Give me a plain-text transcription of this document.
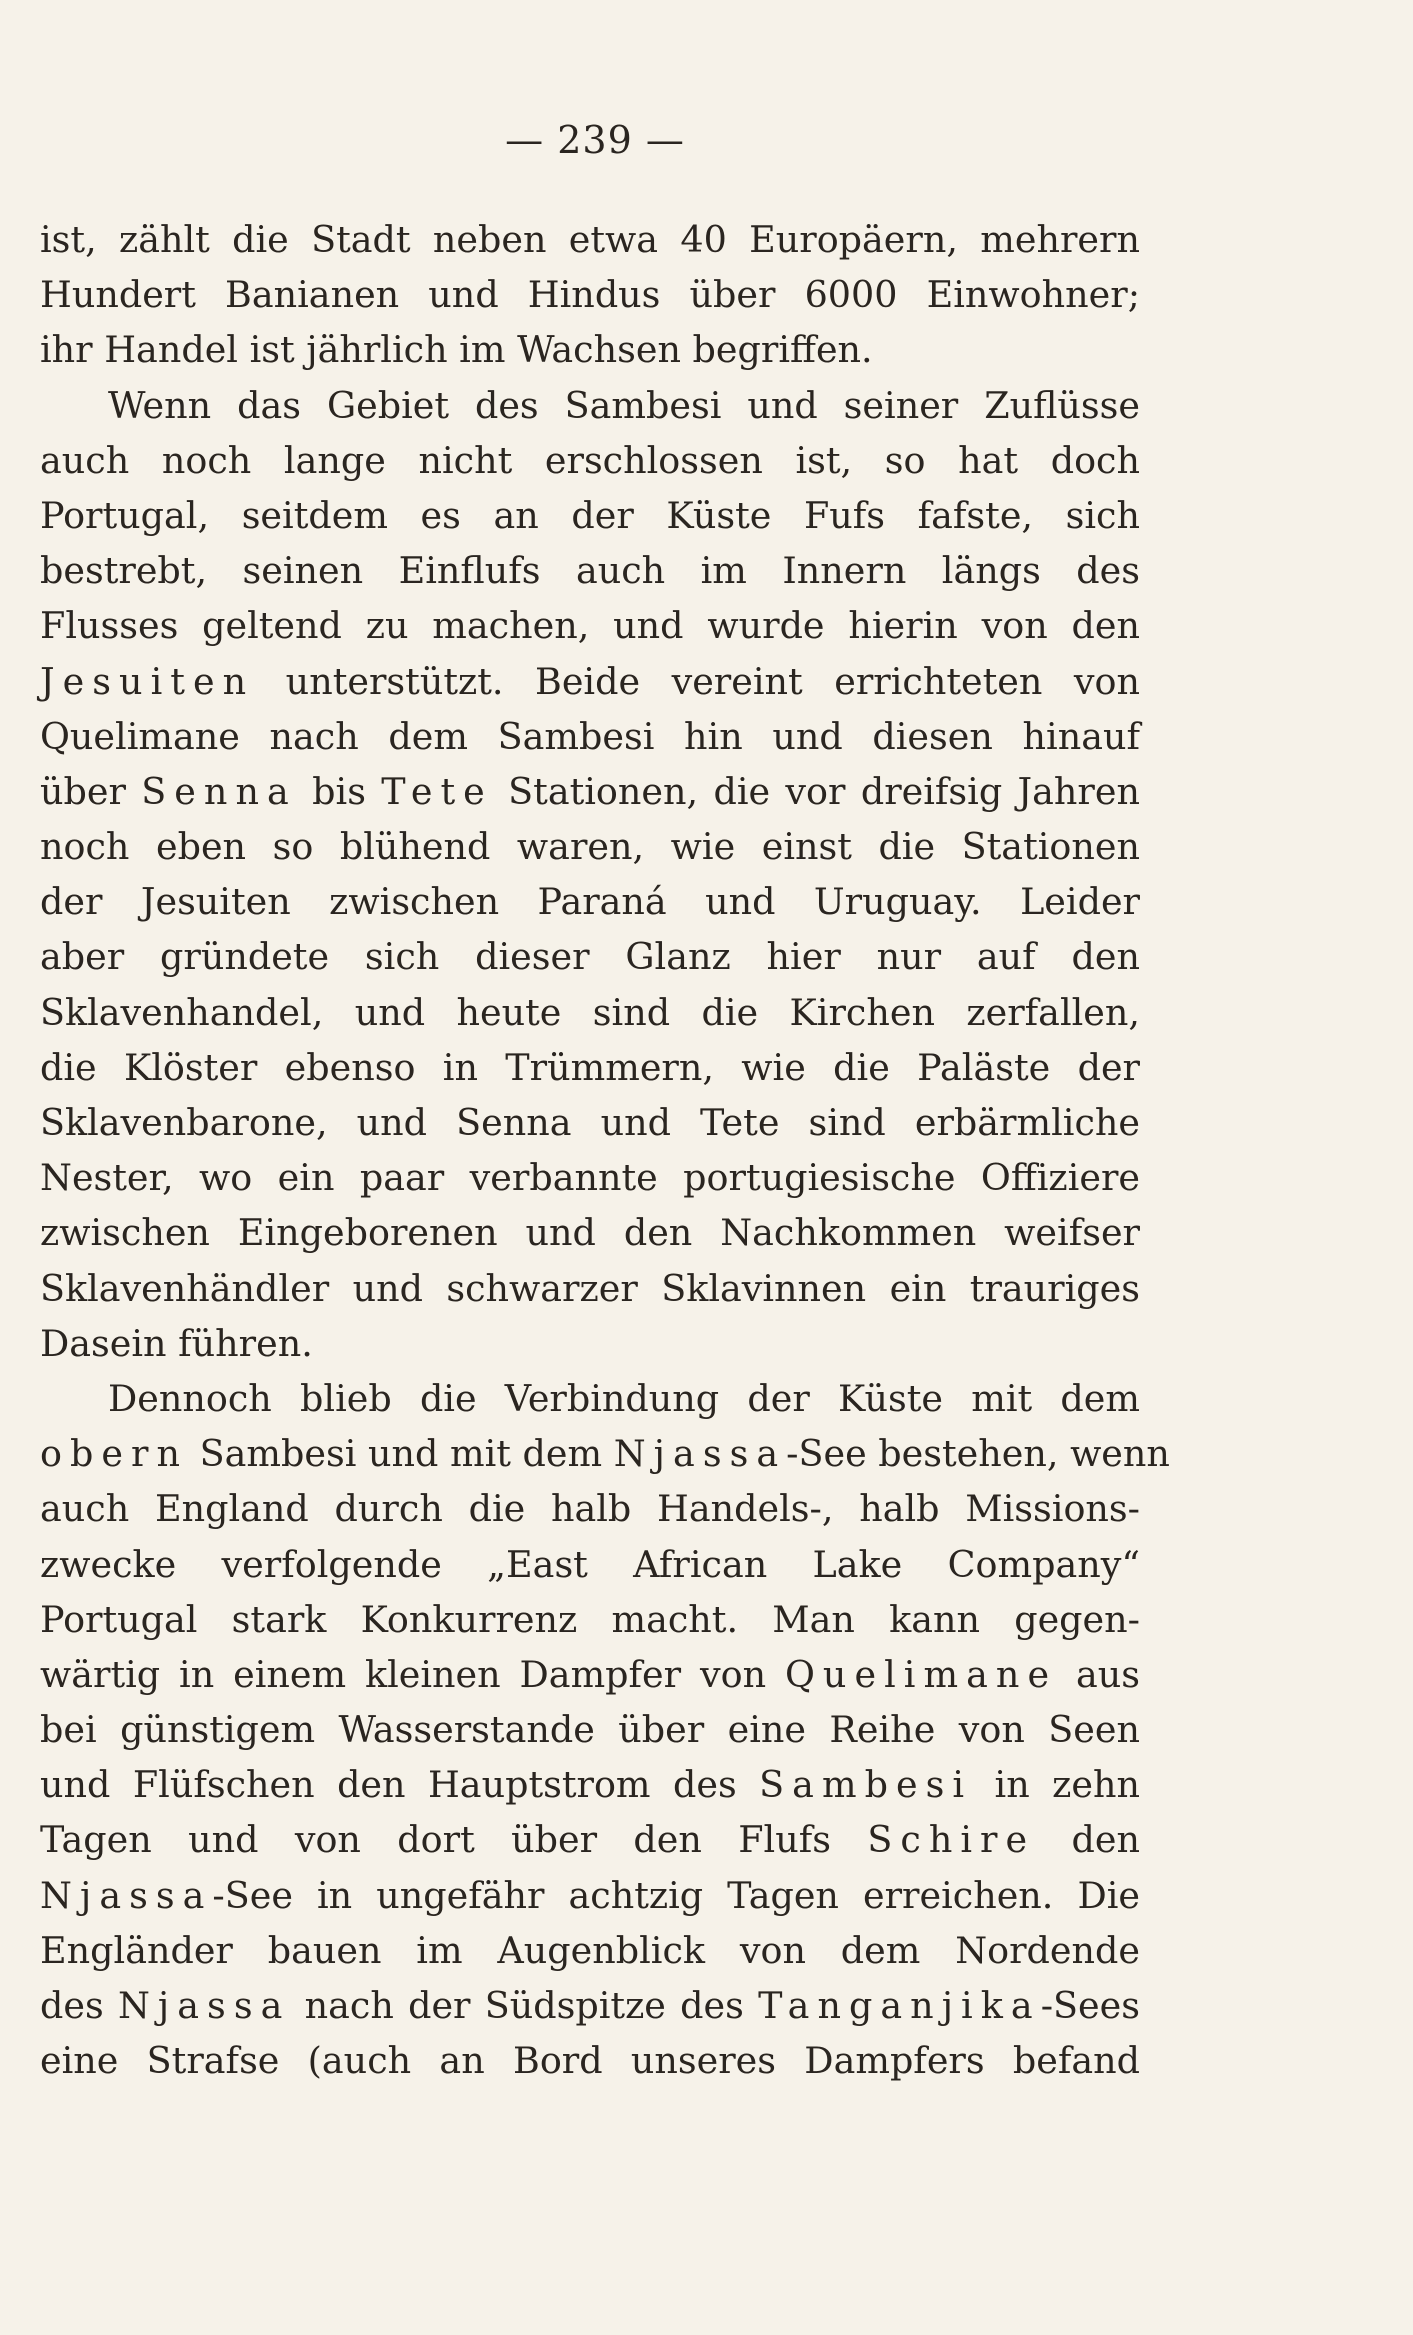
— 239 —
ist, zählt die Stadt neben etwa 40 Europäern, mehrern
Hundert Banianen und Hindus über 6000 Einwohner;
ihr Handel ist jährlich im Wachsen begriffen.
Wenn das Gebiet des Sambesi und seiner Zuflüsse
auch noch lange nicht erschlossen ist, so hat doch
Portugal, seitdem es an der Küste Fufs fafste, sich
bestrebt, seinen Einflufs auch im Innern längs des
Flusses geltend zu machen, und wurde hierin von den
Jesuiten unterstützt. Beide vereint errichteten von
Quelimane nach dem Sambesi hin und diesen hinauf
über Senna bis Tete Stationen, die vor dreifsig Jahren
noch eben so blühend waren, wie einst die Stationen
der Jesuiten zwischen Paraná und Uruguay. Leider
aber gründete sich dieser Glanz hier nur auf den
Sklavenhandel, und heute sind die Kirchen zerfallen,
die Klöster ebenso in Trümmern, wie die Paläste der
Sklavenbarone, und Senna und Tete sind erbärmliche
Nester, wo ein paar verbannte portugiesische Offiziere
zwischen Eingeborenen und den Nachkommen weifser
Sklavenhändler und schwarzer Sklavinnen ein trauriges
Dasein führen.
Dennoch blieb die Verbindung der Küste mit dem
obern Sambesi und mit dem Njassa-See bestehen, wenn
auch England durch die halb Handels-, halb Missions-
zwecke verfolgende „East African Lake Company“
Portugal stark Konkurrenz macht. Man kann gegen-
wärtig in einem kleinen Dampfer von Quelimane aus
bei günstigem Wasserstande über eine Reihe von Seen
und Flüfschen den Hauptstrom des Sambesi in zehn
Tagen und von dort über den Flufs Schire den
Njassa-See in ungefähr achtzig Tagen erreichen. Die
Engländer bauen im Augenblick von dem Nordende
des Njassa nach der Südspitze des Tanganjika-Sees
eine Strafse (auch an Bord unseres Dampfers befand
